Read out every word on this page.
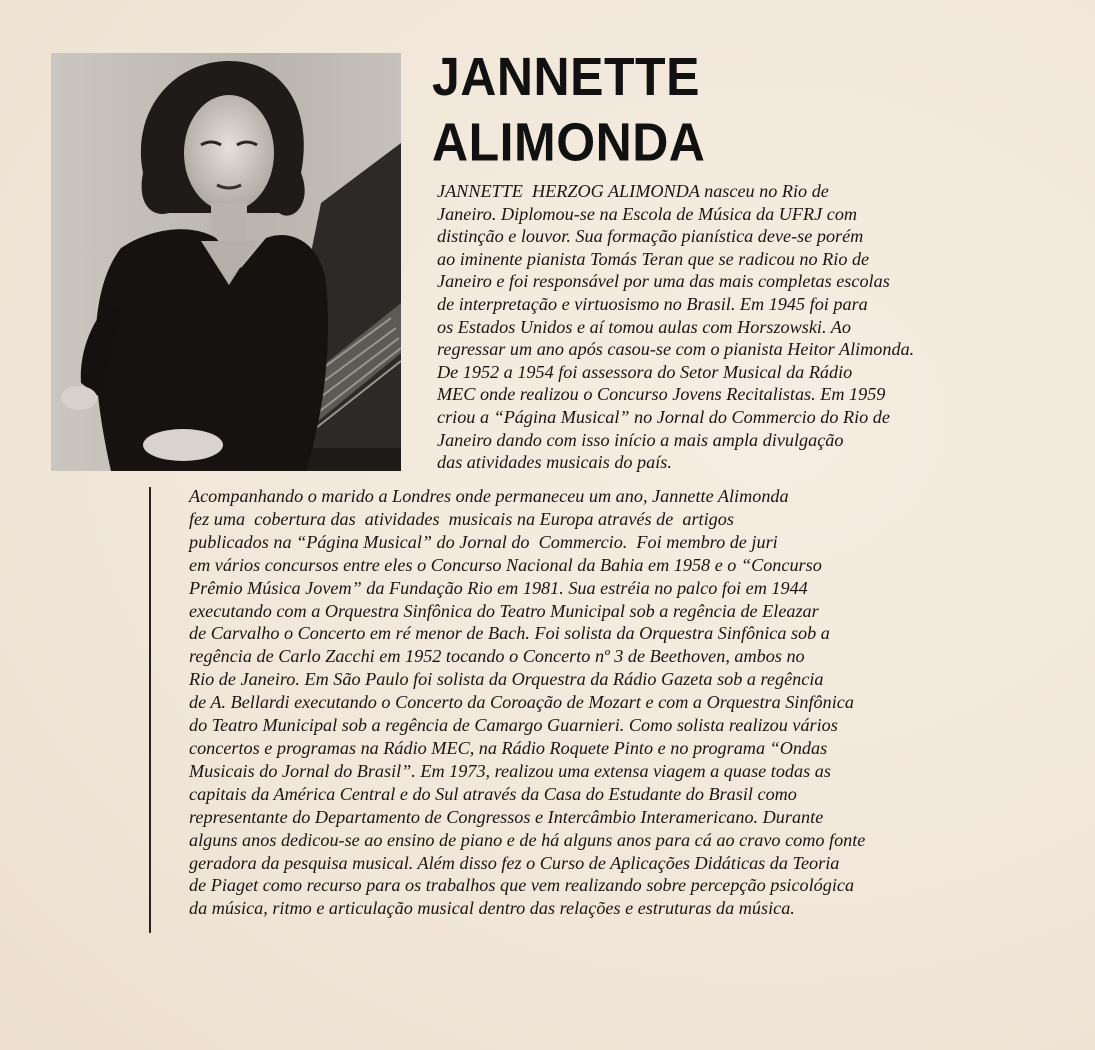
JANNETTE
ALIMONDA
JANNETTE  HERZOG ALIMONDA nasceu no Rio de
Janeiro. Diplomou-se na Escola de Música da UFRJ com
distinção e louvor. Sua formação pianística deve-se porém
ao iminente pianista Tomás Teran que se radicou no Rio de
Janeiro e foi responsável por uma das mais completas escolas
de interpretação e virtuosismo no Brasil. Em 1945 foi para
os Estados Unidos e aí tomou aulas com Horszowski. Ao
regressar um ano após casou-se com o pianista Heitor Alimonda.
De 1952 a 1954 foi assessora do Setor Musical da Rádio
MEC onde realizou o Concurso Jovens Recitalistas. Em 1959
criou a “Página Musical” no Jornal do Commercio do Rio de
Janeiro dando com isso início a mais ampla divulgação
das atividades musicais do país.
Acompanhando o marido a Londres onde permaneceu um ano, Jannette Alimonda
fez uma  cobertura das  atividades  musicais na Europa através de  artigos
publicados na “Página Musical” do Jornal do  Commercio.  Foi membro de juri
em vários concursos entre eles o Concurso Nacional da Bahia em 1958 e o “Concurso
Prêmio Música Jovem” da Fundação Rio em 1981. Sua estréia no palco foi em 1944
executando com a Orquestra Sinfônica do Teatro Municipal sob a regência de Eleazar
de Carvalho o Concerto em ré menor de Bach. Foi solista da Orquestra Sinfônica sob a
regência de Carlo Zacchi em 1952 tocando o Concerto nº 3 de Beethoven, ambos no
Rio de Janeiro. Em São Paulo foi solista da Orquestra da Rádio Gazeta sob a regência
de A. Bellardi executando o Concerto da Coroação de Mozart e com a Orquestra Sinfônica
do Teatro Municipal sob a regência de Camargo Guarnieri. Como solista realizou vários
concertos e programas na Rádio MEC, na Rádio Roquete Pinto e no programa “Ondas
Musicais do Jornal do Brasil”. Em 1973, realizou uma extensa viagem a quase todas as
capitais da América Central e do Sul através da Casa do Estudante do Brasil como
representante do Departamento de Congressos e Intercâmbio Interamericano. Durante
alguns anos dedicou-se ao ensino de piano e de há alguns anos para cá ao cravo como fonte
geradora da pesquisa musical. Além disso fez o Curso de Aplicações Didáticas da Teoria
de Piaget como recurso para os trabalhos que vem realizando sobre percepção psicológica
da música, ritmo e articulação musical dentro das relações e estruturas da música.
